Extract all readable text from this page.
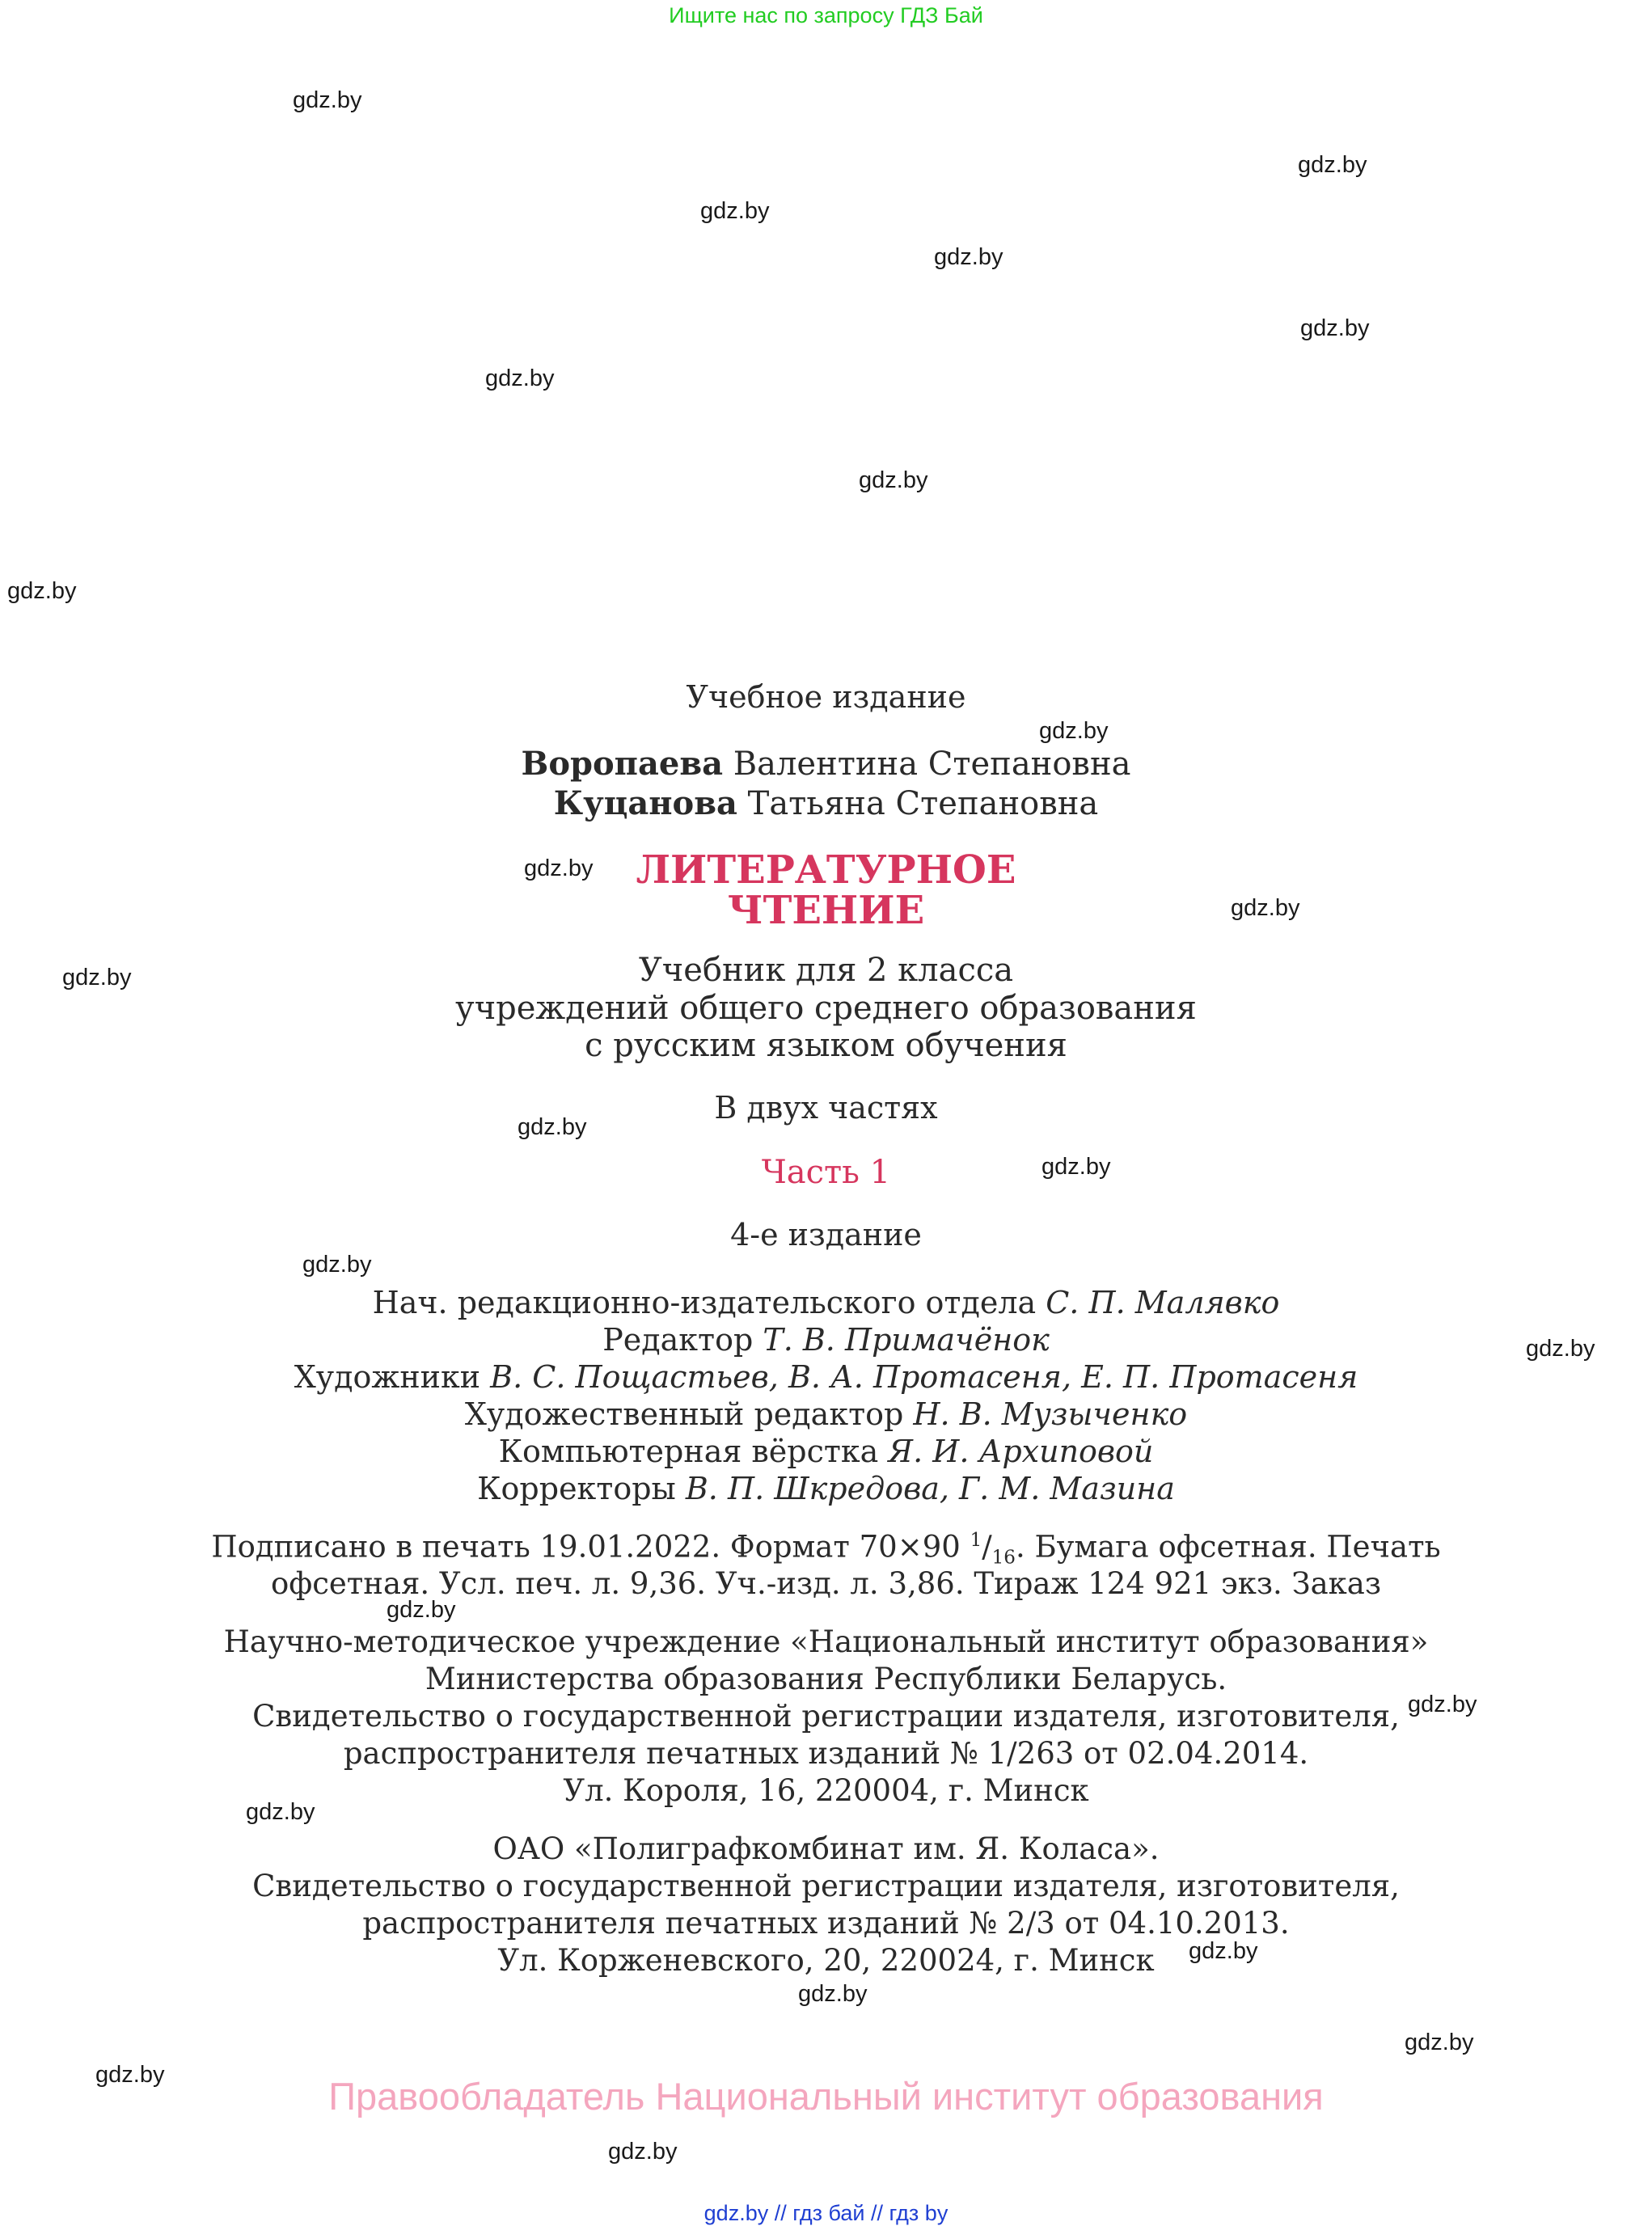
Ищите нас по запросу ГДЗ Бай
gdz.by
gdz.by
gdz.by
gdz.by
gdz.by
gdz.by
gdz.by
gdz.by
gdz.by
gdz.by
gdz.by
gdz.by
gdz.by
gdz.by
gdz.by
gdz.by
gdz.by
gdz.by
gdz.by
gdz.by
gdz.by
gdz.by
gdz.by
gdz.by
Учебное издание
Воропаева Валентина Степановна
Куцанова Татьяна Степановна
ЛИТЕРАТУРНОЕ
ЧТЕНИЕ
Учебник для 2 класса
учреждений общего среднего образования
с русским языком обучения
В двух частях
Часть 1
4-е издание
Нач. редакционно-издательского отдела С. П. Малявко
Редактор Т. В. Примачёнок
Художники В. С. Пощастьев, В. А. Протасеня, Е. П. Протасеня
Художественный редактор Н. В. Музыченко
Компьютерная вёрстка Я. И. Архиповой
Корректоры В. П. Шкредова, Г. М. Мазина
Подписано в печать 19.01.2022. Формат 70×90 $^1/_{16}$. Бумага офсетная. Печать
офсетная. Усл. печ. л. 9,36. Уч.-изд. л. 3,86. Тираж 124 921 экз. Заказ
Научно-методическое учреждение «Национальный институт образования»
Министерства образования Республики Беларусь.
Свидетельство о государственной регистрации издателя, изготовителя,
распространителя печатных изданий № 1/263 от 02.04.2014.
Ул. Короля, 16, 220004, г. Минск
ОАО «Полиграфкомбинат им. Я. Коласа».
Свидетельство о государственной регистрации издателя, изготовителя,
распространителя печатных изданий № 2/3 от 04.10.2013.
Ул. Корженевского, 20, 220024, г. Минск
Правообладатель Национальный институт образования
gdz.by // гдз бай // гдз by
